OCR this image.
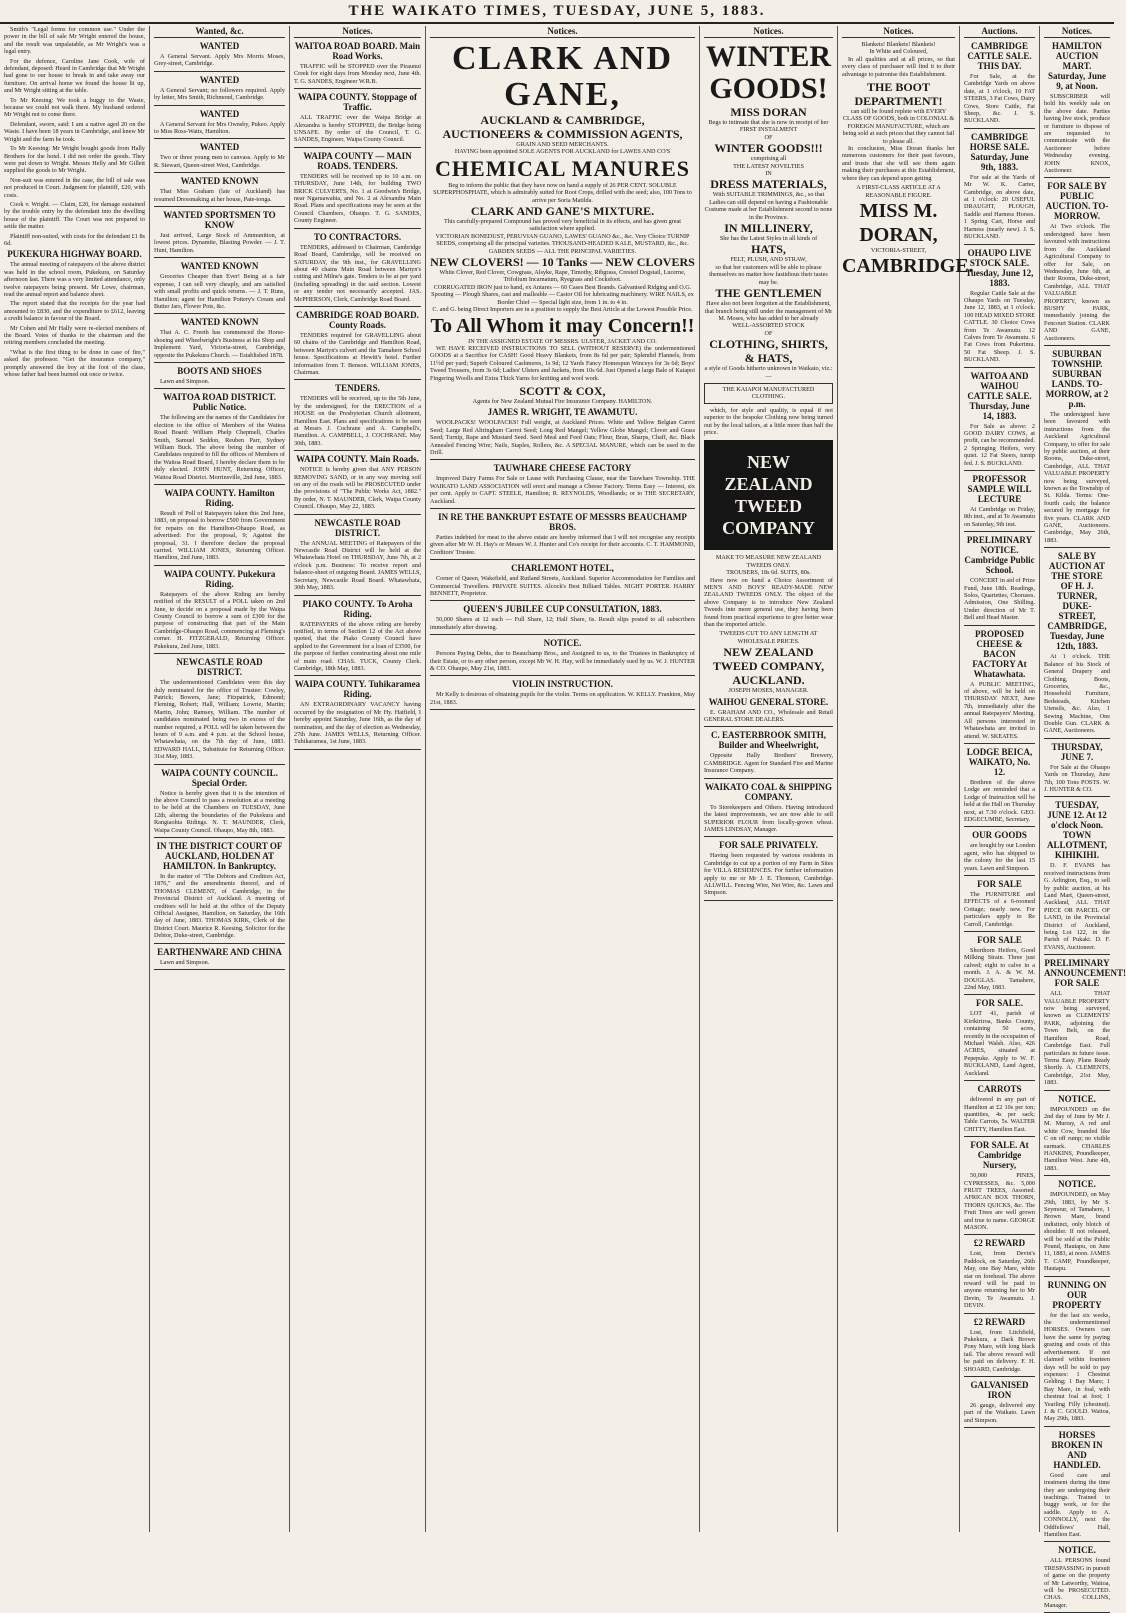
THE WAIKATO TIMES, TUESDAY, JUNE 5, 1883.
Smith's "Legal forms for common use." Under the power in the bill of sale Mr Wright entered the house, and the result was unpalatable, as Mr Wright's was a legal entry.
For the defence, Caroline Jane Cook, wife of defendant, deposed: Heard in Cambridge that Mr Wright had gone to our house to break in and take away our furniture. On arrival home we found the house lit up, and Mr Wright sitting at the table.
To Mr Keesing: We took a buggy to the Waste, because we could not walk there. My husband ordered Mr Wright not to come there.
Defendant, sworn, said: I am a native aged 20 on the Waste. I have been 18 years in Cambridge, and knew Mr Wright and the farm he took.
To Mr Keesing: Mr Wright bought goods from Hally Brothers for the hotel. I did not order the goods. They were put down to Wright. Messrs Helly and Mr Gillett supplied the goods to Mr Wright.
Non-suit was entered in the case, the bill of sale was not produced in Court. Judgment for plaintiff, £20, with costs.
Cook v. Wright. — Claim, £20, for damage sustained by the trouble entry by the defendant into the dwelling house of the plaintiff. The Court was not prepared to settle the matter.
Plaintiff non-suited, with costs for the defendant £1 8s 6d.
PUKEKURA HIGHWAY BOARD.
The annual meeting of ratepayers of the above district was held in the school room, Pukekura, on Saturday afternoon last. There was a very limited attendance, only twelve ratepayers being present. Mr Lowe, chairman, read the annual report and balance sheet.
The report stated that the receipts for the year had amounted to £830, and the expenditure to £612, leaving a credit balance in favour of the Board.
Mr Cohen and Mr Hally were re-elected members of the Board. Votes of thanks to the chairman and the retiring members concluded the meeting.
"What is the first thing to be done in case of fire," asked the professor. "Get the insurance company," promptly answered the boy at the foot of the class, whose father had been burned out once or twice.
Wanted, &c.
WANTED
A General Servant. Apply Mrs Morris Moses, Grey-street, Cambridge.
WANTED
A General Servant; no followers required. Apply by letter, Mrs Smith, Richmond, Cambridge.
WANTED
A General Servant for Mrs Ownsby, Pukeo. Apply to Miss Ross-Watts, Hamilton.
WANTED
Two or three young men to canvass. Apply to Mr R. Stewart, Queen-street West, Cambridge.
WANTED KNOWN
That Miss Graham (late of Auckland) has resumed Dressmaking at her house, Pate-tonga.
WANTED SPORTSMEN TO KNOW
Just arrived, Large Stock of Ammunition, at lowest prices. Dynamite, Blasting Powder. — J. T. Hunt, Hamilton.
WANTED KNOWN
Groceries Cheaper than Ever! Being at a fair expense, I can sell very cheaply, and am satisfied with small profits and quick returns. — J. T. Runs, Hamilton; agent for Hamilton Pottery's Cream and Butter Jars, Flower Pots, &c.
WANTED KNOWN
That A. C. Freeth has commenced the Horse-shoeing and Wheelwright's Business at his Shop and Implement Yard, Victoria-street, Cambridge, opposite the Pukekura Church. — Established 1878.
BOOTS AND SHOES
Lawn and Simpson.
WAITOA ROAD DISTRICT. Public Notice.
The following are the names of the Candidates for election to the office of Members of the Waitoa Road Board: William Phelp Chepmell, Charles Smith, Samuel Seddon, Reuben Parr, Sydney William Buck. The above being the number of Candidates required to fill the offices of Members of the Waitoa Road Board, I hereby declare them to be duly elected. JOHN HUNT, Returning Officer, Waitoa Road District. Morrinsville, 2nd June, 1883.
WAIPA COUNTY. Hamilton Riding.
Result of Poll of Ratepayers taken this 2nd June, 1883, on proposal to borrow £500 from Government for repairs on the Hamilton-Ohaupo Road, as advertised: For the proposal, 9; Against the proposal, 31. I therefore declare the proposal carried. WILLIAM JONES, Returning Officer. Hamilton, 2nd June, 1883.
WAIPA COUNTY. Pukekura Riding.
Ratepayers of the above Riding are hereby notified of the RESULT of a POLL taken on 2nd June, to decide on a proposal made by the Waipa County Council to borrow a sum of £300 for the purpose of constructing that part of the Main Cambridge-Ohaupo Road, commencing at Fleming's corner. H. FITZGERALD, Returning Officer. Pukekura, 2nd June, 1883.
NEWCASTLE ROAD DISTRICT.
The undermentioned Candidates were this day duly nominated for the office of Trustee: Cowley, Patrick; Bowers, Jane; Fitzpatrick, Edmond; Fleming, Robert; Hall, William; Lowrie, Martin; Martin, John; Ramsey, William. The number of candidates nominated being two in excess of the number required, a POLL will be taken between the hours of 9 a.m. and 4 p.m. at the School house, Whatawhata, on the 7th day of June, 1883. EDWARD HALL, Substitute for Returning Officer. 31st May, 1883.
WAIPA COUNTY COUNCIL. Special Order.
Notice is hereby given that it is the intention of the above Council to pass a resolution at a meeting to be held at the Chambers on TUESDAY, June 12th, altering the boundaries of the Pukekura and Rangiaohia Ridings. N. T. MAUNDER, Clerk, Waipa County Council. Ohaupo, May 8th, 1883.
IN THE DISTRICT COURT OF AUCKLAND, HOLDEN AT HAMILTON. In Bankruptcy.
In the matter of "The Debtors and Creditors Act, 1876," and the amendments thereof, and of THOMAS CLEMENT, of Cambridge, in the Provincial District of Auckland. A meeting of creditors will be held at the office of the Deputy Official Assignee, Hamilton, on Saturday, the 16th day of June, 1883. THOMAS KIRK, Clerk of the District Court. Maurice R. Keesing, Solicitor for the Debtor, Duke-street, Cambridge.
EARTHENWARE AND CHINA
Lawn and Simpson.
Notices.
WAITOA ROAD BOARD. Main Road Works.
TRAFFIC will be STOPPED over the Piraunui Creek for eight days from Monday next, June 4th. T. G. SANDES, Engineer W.R.B.
WAIPA COUNTY. Stoppage of Traffic.
ALL TRAFFIC over the Waipa Bridge at Alexandra is hereby STOPPED, the Bridge being UNSAFE. By order of the Council, T. G. SANDES, Engineer, Waipa County Council.
WAIPA COUNTY — MAIN ROADS. TENDERS.
TENDERS will be received up to 10 a.m. on THURSDAY, June 14th, for building TWO BRICK CULVERTS, No. 1 at Goodwin's Bridge, near Ngaruawahia, and No. 2 at Alexandra Main Road. Plans and specifications may be seen at the Council Chambers, Ohaupo. T. G. SANDES, County Engineer.
TO CONTRACTORS.
TENDERS, addressed to Chairman, Cambridge Road Board, Cambridge, will be received on SATURDAY, the 9th inst., for GRAVELLING about 40 chains Main Road between Martyn's cutting and Milne's gate. Tenders to be at per yard (including spreading) in the said section. Lowest or any tender not necessarily accepted. JAS. McPHERSON, Clerk, Cambridge Road Board.
CAMBRIDGE ROAD BOARD. County Roads.
TENDERS required for GRAVELLING about 60 chains of the Cambridge and Hamilton Road, between Martyn's culvert and the Tamahere School house. Specifications at Hewitt's hotel. Further information from T. Benson. WILLIAM JONES, Chairman.
TENDERS.
TENDERS will be received, up to the 5th June, by the undersigned, for the ERECTION of a HOUSE on the Presbyterian Church allotment, Hamilton East. Plans and specifications to be seen at Messrs J. Cochrane and A. Campbell's, Hamilton. A. CAMPBELL, J. COCHRANE. May 30th, 1883.
WAIPA COUNTY. Main Roads.
NOTICE is hereby given that ANY PERSON REMOVING SAND, or in any way moving soil on any of the roads will be PROSECUTED under the provisions of "The Public Works Act, 1882." By order, N. T. MAUNDER, Clerk, Waipa County Council. Ohaupo, May 22, 1883.
NEWCASTLE ROAD DISTRICT.
The ANNUAL MEETING of Ratepayers of the Newcastle Road District will be held at the Whatawhata Hotel on THURSDAY, June 7th, at 2 o'clock p.m. Business: To receive report and balance-sheet of outgoing Board. JAMES WELLS, Secretary, Newcastle Road Board. Whatawhata, 30th May, 1883.
PIAKO COUNTY. To Aroha Riding.
RATEPAYERS of the above riding are hereby notified, in terms of Section 12 of the Act above quoted, that the Piako County Council have applied to the Government for a loan of £3500, for the purpose of further constructing about one mile of main road. CHAS. TUCK, County Clerk. Cambridge, 18th May, 1883.
WAIPA COUNTY. Tuhikaramea Riding.
AN EXTRAORDINARY VACANCY having occurred by the resignation of Mr Hy. Hatfield, I hereby appoint Saturday, June 16th, as the day of nomination, and the day of election as Wednesday, 27th June. JAMES WELLS, Returning Officer. Tuhikaramea, 1st June, 1883.
Notices.
CLARK AND GANE,
AUCKLAND & CAMBRIDGE,
AUCTIONEERS & COMMISSION AGENTS,
GRAIN AND SEED MERCHANTS.
HAVING been appointed SOLE AGENTS FOR AUCKLAND for LAWES AND CO'S
CHEMICAL MANURES
Beg to inform the public that they have now on hand a supply of 26 PER CENT. SOLUBLE SUPERPHOSPHATE, which is admirably suited for Root Crops, drilled with the seed; also, 100 Tons to arrive per Soria Matilda.
CLARK AND GANE'S MIXTURE.
This carefully-prepared Compound has proved very beneficial in its effects, and has given great satisfaction where applied.
VICTORIAN BONEDUST, PERUVIAN GUANO, LAWES' GUANO &c., &c. Very Choice TURNIP SEEDS, comprising all the principal varieties. THOUSAND-HEADED KALE, MUSTARD, &c., &c.
GARDEN SEEDS — ALL THE PRINCIPAL VARIETIES.
NEW CLOVERS! — 10 Tanks — NEW CLOVERS
White Clover, Red Clover, Cowgrass, Alsyke, Rape, Timothy, Ribgrass, Crested Dogstail, Lucerne, Trifolium Incarnatum, Ryegrass and Cocksfoot.
CORRUGATED IRON just to hand, ex Antares — 60 Cases Best Brands. Galvanised Ridging and O.G. Spouting — Plough Shares, cast and malleable — Castor Oil for lubricating machinery. WIRE NAILS, ex Border Chief — Special light size, from 1 in. to 4 in.
C. and G. being Direct Importers are in a position to supply the Best Article at the Lowest Possible Price.
To All Whom it may Concern!!
IN THE ASSIGNED ESTATE OF MESSRS. ULSTER, JACKET AND CO.
WE HAVE RECEIVED INSTRUCTIONS TO SELL (WITHOUT RESERVE) the undermentioned GOODS at a Sacrifice for CASH! Good Heavy Blankets, from 8s 6d per pair; Splendid Flannels, from 11½d per yard; Superb Coloured Cashmeres, 1s 9d; 12 Yards Fancy Homespun Winceys for 3s 6d; Boys' Tweed Trousers, from 3s 6d; Ladies' Ulsters and Jackets, from 10s 6d. Just Opened a large Bale of Kaiapoi Fingering Woolls and Extra Thick Yarns for knitting and wool work.
SCOTT & COX,
Agents for New Zealand Mutual Fire Insurance Company. HAMILTON.
JAMES R. WRIGHT, TE AWAMUTU.
WOOLPACKS! WOOLPACKS! Full weight, at Auckland Prices. White and Yellow Belgian Carrot Seed; Large Red Altringham Carrot Seed; Long Red Mangel; Yellow Globe Mangel; Clover and Grass Seed; Turnip, Rape and Mustard Seed. Seed Meal and Feed Oats; Flour, Bran, Sharps, Chaff, &c. Black Annealed Fencing Wire; Nails, Staples, Rollers, &c. A SPECIAL MANURE, which can be used in the Drill.
TAUWHARE CHEESE FACTORY
Improved Dairy Farms For Sale or Lease with Purchasing Clause, near the Tauwhare Township. THE WAIKATO LAND ASSOCIATION will erect and manage a Cheese Factory. Terms Easy — Interest, six per cent. Apply to CAPT. STEELE, Hamilton; R. REYNOLDS, Woodlands; or to THE SECRETARY, Auckland.
IN RE THE BANKRUPT ESTATE OF MESSRS BEAUCHAMP BROS.
Parties indebted for meat to the above estate are hereby informed that I will not recognise any receipts given after Mr W. H. Hay's or Messrs W. J. Hunter and Co's receipt for their accounts. C. T. HAMMOND, Creditors' Trustee.
CHARLEMONT HOTEL,
Corner of Queen, Wakefield, and Rutland Streets, Auckland. Superior Accommodation for Families and Commercial Travellers. PRIVATE SUITES. Alcock's Best Billiard Tables. NIGHT PORTER. HARRY BENNETT, Proprietor.
QUEEN'S JUBILEE CUP CONSULTATION, 1883.
50,000 Shares at 12 each — Full Share, 12; Half Share, 6s. Result slips posted to all subscribers immediately after drawing.
NOTICE.
Persons Paying Debts, due to Beauchamp Bros., and Assigned to us, to the Trustees in Bankruptcy of their Estate, or to any other person, except Mr W. H. Hay, will be immediately sued by us. W. J. HUNTER & CO. Ohaupo, May 21st, 1883.
VIOLIN INSTRUCTION.
Mr Kelly is desirous of obtaining pupils for the violin. Terms on application. W. KELLY. Frankton, May 21st, 1883.
Notices.
WINTER GOODS!
MISS DORAN
Begs to intimate that she is now in receipt of her
FIRST INSTALMENT
OF
WINTER GOODS!!!
comprising all
THE LATEST NOVELTIES
IN
DRESS MATERIALS,
With SUITABLE TRIMMINGS, &c., so that Ladies can still depend on having a Fashionable Costume made at her Establishment second to none in the Province.
IN MILLINERY,
She has the Latest Styles in all kinds of
HATS,
FELT, PLUSH, AND STRAW,
so that her customers will be able to please themselves no matter how fastidious their tastes may be.
THE GENTLEMEN
Have also not been forgotten at the Establishment, that branch being still under the management of Mr M. Moses, who has added to her already
WELL-ASSORTED STOCK
OF
CLOTHING, SHIRTS, & HATS,
a style of Goods hitherto unknown in Waikato, viz.:—
THE KAIAPOI MANUFACTURED CLOTHING.
which, for style and quality, is equal if not superior to the bespoke Clothing now being turned out by the local tailors, at a little more than half the price.
NEW ZEALAND TWEED COMPANY
MAKE TO MEASURE NEW ZEALAND TWEEDS ONLY.
TROUSERS, 18s 6d. SUITS, 80s.
Have now on hand a Choice Assortment of MEN'S AND BOYS' READY-MADE NEW ZEALAND TWEEDS ONLY. The object of the above Company is to introduce New Zealand Tweeds into more general use, they having been found from practical experience to give better wear than the imported article.
TWEEDS CUT TO ANY LENGTH AT WHOLESALE PRICES.
NEW ZEALAND TWEED COMPANY, AUCKLAND.
JOSEPH MOSES, MANAGER.
WAIHOU GENERAL STORE.
E. GRAHAM AND CO., Wholesale and Retail GENERAL STORE DEALERS.
C. EASTERBROOK SMITH, Builder and Wheelwright,
Opposite Hally Brothers' Brewery, CAMBRIDGE. Agent for Standard Fire and Marine Insurance Company.
WAIKATO COAL & SHIPPING COMPANY.
To Storekeepers and Others. Having introduced the latest improvements, we are now able to sell SUPERIOR FLOUR from locally-grown wheat. JAMES LINDSAY, Manager.
FOR SALE PRIVATELY.
Having been requested by various residents in Cambridge to cut up a portion of my Farm in Sites for VILLA RESIDENCES. For further information apply to me or Mr J. E. Thomson, Cambridge. ALLWILL. Fencing Wire, Net Wire, &c. Lawn and Simpson.
Notices.
Blankets! Blankets! Blankets!
In White and Coloured,
In all qualities and at all prices, so that every class of purchaser will find it to their advantage to patronise this Establishment.
THE BOOT DEPARTMENT!
can still be found replete with EVERY CLASS OF GOODS, both in COLONIAL & FOREIGN MANUFACTURE, which are being sold at such prices that they cannot fail to please all.
In conclusion, Miss Doran thanks her numerous customers for their past favours, and trusts that she will see them again making their purchases at this Establishment, where they can depend upon getting
A FIRST-CLASS ARTICLE AT A REASONABLE FIGURE.
MISS M. DORAN,
VICTORIA-STREET,
CAMBRIDGE.
Auctions.
CAMBRIDGE CATTLE SALE. THIS DAY.
For Sale, at the Cambridge Yards on above date, at 1 o'clock, 10 FAT STEERS, 3 Fat Cows, Dairy Cows, Store Cattle, Fat Sheep, &c. J. S. BUCKLAND.
CAMBRIDGE HORSE SALE. Saturday, June 9th, 1883.
For sale at the Yards of Mr W. K. Carter, Cambridge, on above date, at 1 o'clock: 20 USEFUL DRAUGHT, PLOUGH, Saddle and Harness Horses. 1 Spring Cart, Horse and Harness (nearly new). J. S. BUCKLAND.
OHAUPO LIVE STOCK SALE. Tuesday, June 12, 1883.
Regular Cattle Sale at the Ohaupo Yards on Tuesday, June 12, 1883, at 1 o'clock. 100 HEAD MIXED STORE CATTLE. 30 Choice Cows from Te Awamutu. 12 Calves from Te Awamutu. 6 Fat Cows from Pukerimu. 50 Fat Sheep. J. S. BUCKLAND.
WAITOA AND WAIHOU CATTLE SALE. Thursday, June 14, 1883.
For Sale as above: 2 GOOD DAIRY COWS, at profit, can be recommended. 2 Springing Heifers, very quiet. 12 Fat Steers, turnip fed. J. S. BUCKLAND.
PROFESSOR SAMPLE WILL LECTURE
At Cambridge on Friday, 8th inst., and at Te Awamutu on Saturday, 9th inst.
PRELIMINARY NOTICE. Cambridge Public School.
CONCERT in aid of Prize Fund, June 18th. Readings, Solos, Quartettes, Choruses. Admission, One Shilling. Under direction of Mr T. Bell and Head Master.
PROPOSED CHEESE & BACON FACTORY At Whatawhata.
A PUBLIC MEETING, of above, will be held on THURSDAY NEXT, June 7th, immediately after the annual Ratepayers' Meeting. All persons interested in Whatawhata are invited to attend. W. SKEATES.
LODGE BEICA, WAIKATO, No. 12.
Brethren of the above Lodge are reminded that a Lodge of Instruction will be held at the Hall on Thursday next, at 7.30 o'clock. GEO. EDGECUMBE, Secretary.
OUR GOODS
are bought by our London agent, who has shipped to the colony for the last 15 years. Lawn and Simpson.
FOR SALE
The FURNITURE and EFFECTS of a 6-roomed Cottage; nearly new. For particulars apply to Re Carroll, Cambridge.
FOR SALE
Shorthorn Heifers, Good Milking Strain. Three just calved; eight to calve in a month. J. A. & W. M. DOUGLAS. Tamahere, 22nd May, 1883.
FOR SALE.
LOT 41, parish of Kirikiriroa, Banks County, containing 50 acres, recently in the occupation of Michael Walsh. Also, 426 ACRES, situated at Pepepuke. Apply to W. F. BUCKLAND, Land Agent, Auckland.
CARROTS
delivered in any part of Hamilton at £2 10s per ton; quantities, 4s per sack; Table Carrots, 5s. WALTER CHITTY, Hamilton East.
FOR SALE. At Cambridge Nursery,
50,000 PINES, CYPRESSES, &c. 5,000 FRUIT TREES, Assorted. AFRICAN BOX THORN, THORN QUICKS, &c. The Fruit Trees are well grown and true to name. GEORGE MASON.
£2 REWARD
Lost, from Devin's Paddock, on Saturday, 26th May, one Bay Mare, white star on forehead. The above reward will be paid to anyone returning her to Mr Devin, Te Awamutu. J. DEVIN.
£2 REWARD
Lost, from Litchfield, Pukekura, a Dark Brown Pony Mare, with long black tail. The above reward will be paid on delivery. F. H. SHOARD, Cambridge.
GALVANISED IRON
26 gauge, delivered any part of the Waikato. Lawn and Simpson.
Notices.
HAMILTON AUCTION MART. Saturday, June 9, at Noon.
SUBSCRIBER will hold his weekly sale on the above date. Parties having live stock, produce or furniture to dispose of are requested to communicate with the Auctioneer before Wednesday evening. JOHN KNOX, Auctioneer.
FOR SALE BY PUBLIC AUCTION. TO-MORROW.
At Two o'clock. The undersigned have been favoured with instructions from the Auckland Agricultural Company to offer for Sale, on Wednesday, June 6th, at their Rooms, Duke-street, Cambridge, ALL THAT VALUABLE PROPERTY, known as BUSHY PARK, immediately joining the Fencourt Station. CLARK AND GANE, Auctioneers.
SUBURBAN TOWNSHIP. SUBURBAN LANDS. TO-MORROW, at 2 p.m.
The undersigned have been favoured with instructions from the Auckland Agricultural Company, to offer for sale by public auction, at their Rooms, Duke-street, Cambridge, ALL THAT VALUABLE PROPERTY now being surveyed, known as the Township of St. Kilda. Terms: One-fourth cash; the balance secured by mortgage for five years. CLARK AND GANE, Auctioneers. Cambridge, May 26th, 1883.
SALE BY AUCTION AT THE STORE OF H. J. TURNER, DUKE-STREET, CAMBRIDGE, Tuesday, June 12th, 1883.
At 1 o'clock. THE Balance of his Stock of General Drapery and Clothing, Boots, Groceries, &c., Household Furniture, Bedsteads, Kitchen Utensils, &c. Also, 1 Sewing Machine, One Double Gun. CLARK & GANE, Auctioneers.
THURSDAY, JUNE 7.
For Sale at the Ohaupo Yards on Thursday, June 7th, 100 Tons POSTS. W. J. HUNTER & CO.
TUESDAY, JUNE 12. At 12 o'clock Noon. TOWN ALLOTMENT, KIHIKIHI.
D. F. EVANS has received instructions from G. Arlington, Esq., to sell by public auction, at his Land Mart, Queen-street, Auckland, ALL THAT PIECE OR PARCEL OF LAND, in the Provincial District of Auckland, being Lot 122, in the Parish of Pukaki. D. F. EVANS, Auctioneer.
PRELIMINARY ANNOUNCEMENT! FOR SALE
ALL THAT VALUABLE PROPERTY now being surveyed, known as CLEMENTS' PARK, adjoining the Town Belt, on the Hamilton Road, Cambridge East. Full particulars in future issue. Terms Easy. Plans Ready Shortly. A. CLEMENTS, Cambridge, 21st May, 1883.
NOTICE.
IMPOUNDED on the 2nd day of June by Mr J. M. Murray, A red and white Cow, branded like C on off rump; no visible earmark. CHARLES HANKINS, Poundkeeper, Hamilton West. June 4th, 1883.
NOTICE.
IMPOUNDED, on May 29th, 1883, by Mr S. Seymour, of Tamahere, 1 Brown Mare, brand indistinct, only blotch of shoulder. If not released, will be sold at the Public Pound, Hautapu, on June 11, 1883, at noon. JAMES T. CAMP, Poundkeeper, Hautapu.
RUNNING ON OUR PROPERTY
for the last six weeks, the undermentioned HORSES. Owners can have the same by paying grazing and costs of this advertisement. If not claimed within fourteen days will be sold to pay expenses: 1 Chestnut Gelding; 1 Bay Mare; 1 Bay Mare, in foal, with chestnut foal at foot; 1 Yearling Filly (chestnut). J. & C. GOULD. Waitoa, May 29th, 1883.
HORSES BROKEN IN AND HANDLED.
Good care and treatment during the time they are undergoing their teachings. Trained to buggy work, or for the saddle. Apply to A. CONNOLLY, next the Oddfellows' Hall, Hamilton East.
NOTICE.
ALL PERSONS found TRESPASSING in pursuit of game on the property of Mr Latworthy, Waitoa, will be PROSECUTED. CHAS. COLLINS, Manager.
